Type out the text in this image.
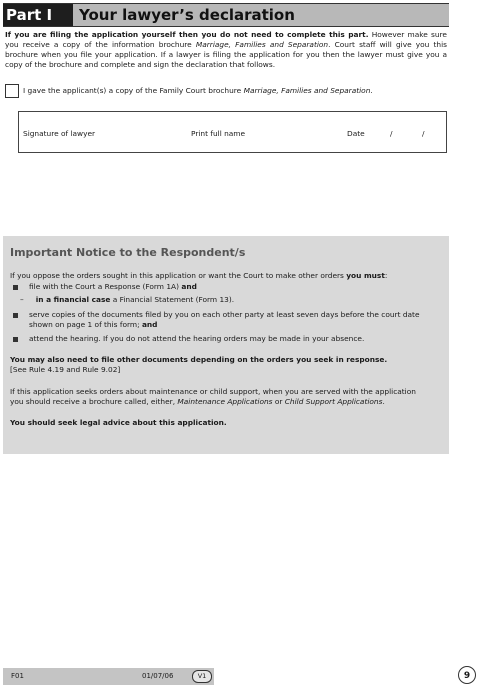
Part I	Your lawyer’s declaration

If you are filing the application yourself then you do not need to complete this part. However make sure you receive a copy of the information brochure Marriage, Families and Separation. Court staff will give you this brochure when you file your application. If a lawyer is filing the application for you then the lawyer must give you a copy of the brochure and complete and sign the declaration that follows.

I gave the applicant(s) a copy of the Family Court brochure Marriage, Families and Separation.
Signature of lawyer	Print full name	Date	/	/
Important Notice to the Respondent/s
If you oppose the orders sought in this application or want the Court to make other orders you must:
file with the Court a Response (Form 1A) and
– in a financial case a Financial Statement (Form 13).
serve copies of the documents filed by you on each other party at least seven days before the court date
shown on page 1 of this form; and
attend the hearing. If you do not attend the hearing orders may be made in your absence.
You may also need to file other documents depending on the orders you seek in response.
[See Rule 4.19 and Rule 9.02]
If this application seeks orders about maintenance or child support, when you are served with the application
you should receive a brochure called, either, Maintenance Applications or Child Support Applications.
You should seek legal advice about this application.
F01	01/07/06	V1	9
